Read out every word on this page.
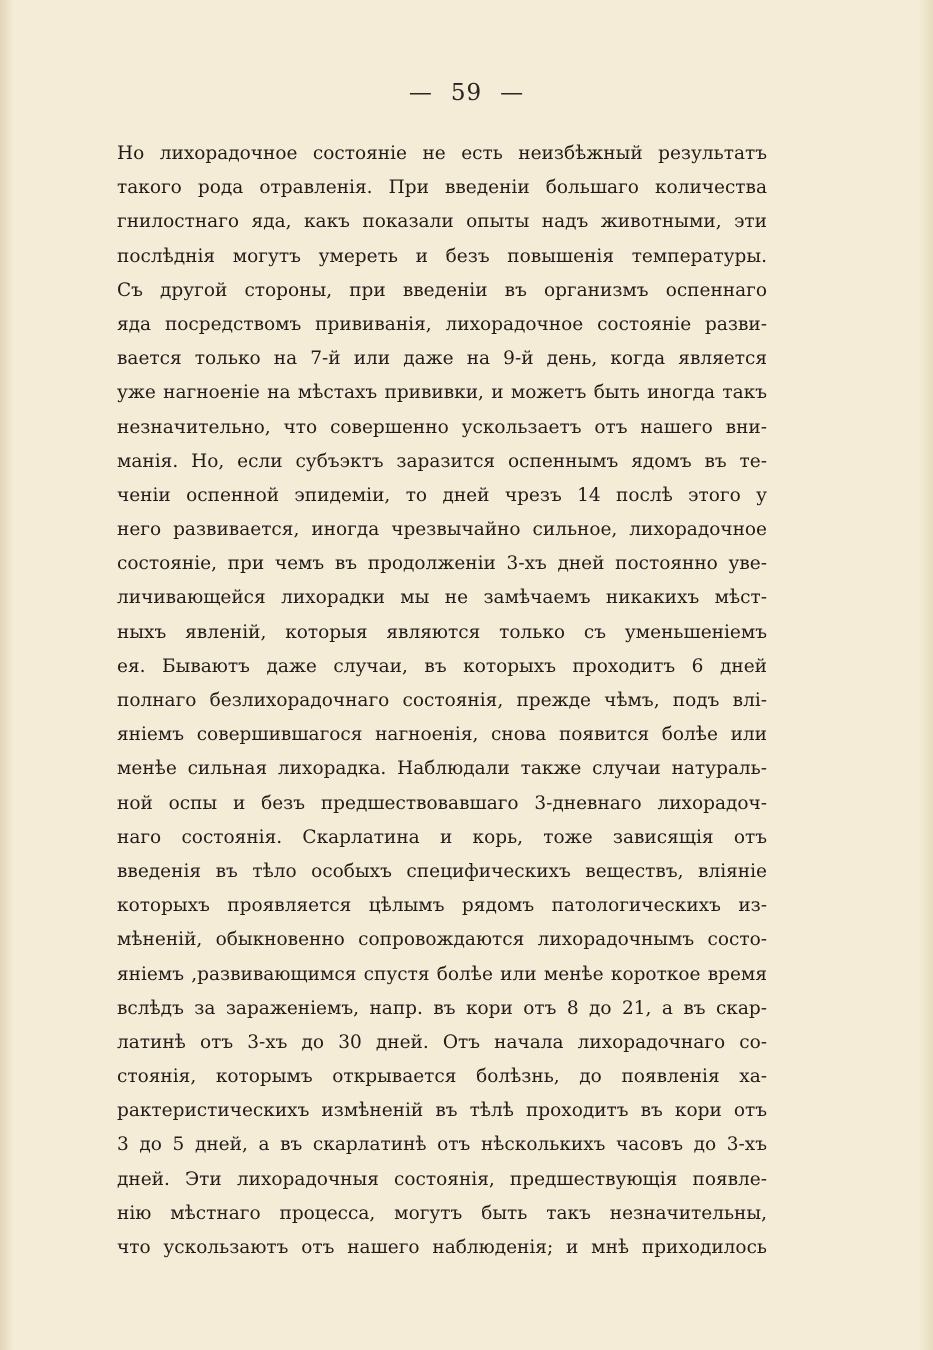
— 59 —
Но лихорадочное состоянiе не есть неизбѣжный результатъ
такого рода отравленiя. При введенiи большаго количества
гнилостнаго яда, какъ показали опыты надъ животными, эти
послѣднiя могутъ умереть и безъ повышенiя температуры.
Съ другой стороны, при введенiи въ организмъ оспеннаго
яда посредствомъ прививанiя, лихорадочное состоянiе разви-
вается только на 7-й или даже на 9-й день, когда является
уже нагноенiе на мѣстахъ прививки, и можетъ быть иногда такъ
незначительно, что совершенно ускользаетъ отъ нашего вни-
манiя. Но, если субъэктъ заразится оспеннымъ ядомъ въ те-
ченiи оспенной эпидемiи, то дней чрезъ 14 послѣ этого у
него развивается, иногда чрезвычайно сильное, лихорадочное
состоянiе, при чемъ въ продолженiи 3-хъ дней постоянно уве-
личивающейся лихорадки мы не замѣчаемъ никакихъ мѣст-
ныхъ явленiй, которыя являются только съ уменьшенiемъ
ея. Бываютъ даже случаи, въ которыхъ проходитъ 6 дней
полнаго безлихорадочнаго состоянiя, прежде чѣмъ, подъ влi-
янiемъ совершившагося нагноенiя, снова появится болѣе или
менѣе сильная лихорадка. Наблюдали также случаи натураль-
ной оспы и безъ предшествовавшаго 3-дневнаго лихорадоч-
наго состоянiя. Скарлатина и корь, тоже зависящiя отъ
введенiя въ тѣло особыхъ специфическихъ веществъ, влiянiе
которыхъ проявляется цѣлымъ рядомъ патологическихъ из-
мѣненiй, обыкновенно сопровождаются лихорадочнымъ состо-
янiемъ ,развивающимся спустя болѣе или менѣе короткое время
вслѣдъ за зараженiемъ, напр. въ кори отъ 8 до 21, а въ скар-
латинѣ отъ 3-хъ до 30 дней. Отъ начала лихорадочнаго со-
стоянiя, которымъ открывается болѣзнь, до появленiя ха-
рактеристическихъ измѣненiй въ тѣлѣ проходитъ въ кори отъ
3 до 5 дней, а въ скарлатинѣ отъ нѣсколькихъ часовъ до 3-хъ
дней. Эти лихорадочныя состоянiя, предшествующiя появле-
нiю мѣстнаго процесса, могутъ быть такъ незначительны,
что ускользаютъ отъ нашего наблюденiя; и мнѣ приходилось
